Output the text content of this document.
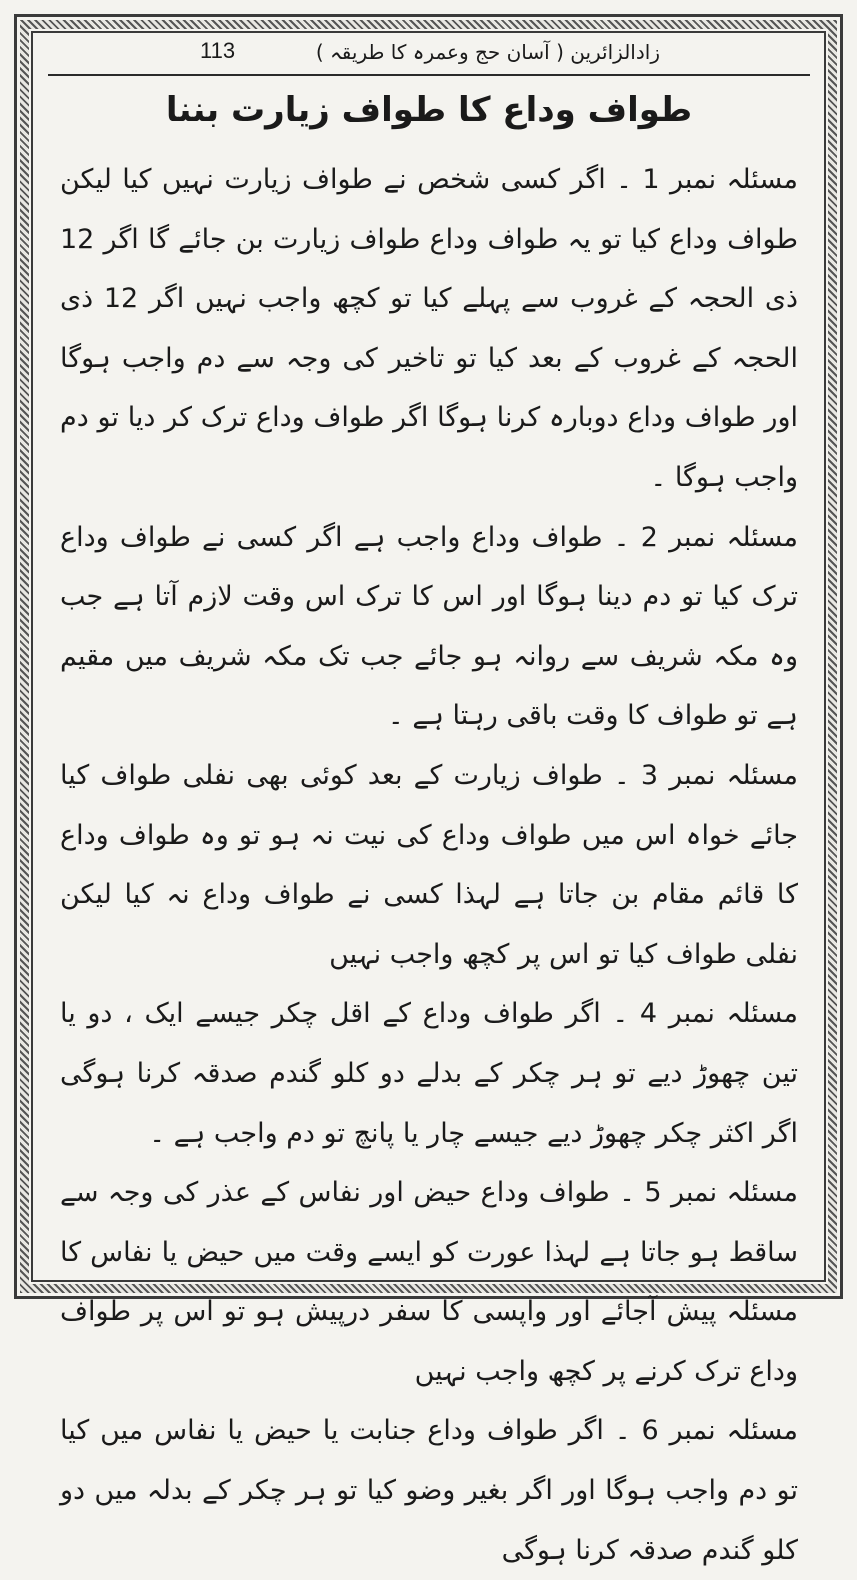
زادالزائرین ( آسان حج وعمرہ کا طریقہ )
113
طواف وداع کا طواف زیارت بننا

مسئلہ نمبر 1 ۔ اگر کسی شخص نے طواف زیارت نہیں کیا لیکن طواف وداع کیا تو یہ طواف وداع طواف زیارت بن جائے گا اگر 12 ذی الحجہ کے غروب سے پہلے کیا تو کچھ واجب نہیں اگر 12 ذی الحجہ کے غروب کے بعد کیا تو تاخیر کی وجہ سے دم واجب ہوگا اور طواف وداع دوبارہ کرنا ہوگا اگر طواف وداع ترک کر دیا تو دم واجب ہوگا ۔

مسئلہ نمبر 2 ۔ طواف وداع واجب ہے اگر کسی نے طواف وداع ترک کیا تو دم دینا ہوگا اور اس کا ترک اس وقت لازم آتا ہے جب وہ مکہ شریف سے روانہ ہو جائے جب تک مکہ شریف میں مقیم ہے تو طواف کا وقت باقی رہتا ہے ۔

مسئلہ نمبر 3 ۔ طواف زیارت کے بعد کوئی بھی نفلی طواف کیا جائے خواہ اس میں طواف وداع کی نیت نہ ہو تو وہ طواف وداع کا قائم مقام بن جاتا ہے لہذا کسی نے طواف وداع نہ کیا لیکن نفلی طواف کیا تو اس پر کچھ واجب نہیں

مسئلہ نمبر 4 ۔ اگر طواف وداع کے اقل چکر جیسے ایک ، دو یا تین چھوڑ دیے تو ہر چکر کے بدلے دو کلو گندم صدقہ کرنا ہوگی اگر اکثر چکر چھوڑ دیے جیسے چار یا پانچ تو دم واجب ہے ۔

مسئلہ نمبر 5 ۔ طواف وداع حیض اور نفاس کے عذر کی وجہ سے ساقط ہو جاتا ہے لہذا عورت کو ایسے وقت میں حیض یا نفاس کا مسئلہ پیش آجائے اور واپسی کا سفر درپیش ہو تو اس پر طواف وداع ترک کرنے پر کچھ واجب نہیں

مسئلہ نمبر 6 ۔ اگر طواف وداع جنابت یا حیض یا نفاس میں کیا تو دم واجب ہوگا اور اگر بغیر وضو کیا تو ہر چکر کے بدلہ میں دو کلو گندم صدقہ کرنا ہوگی
